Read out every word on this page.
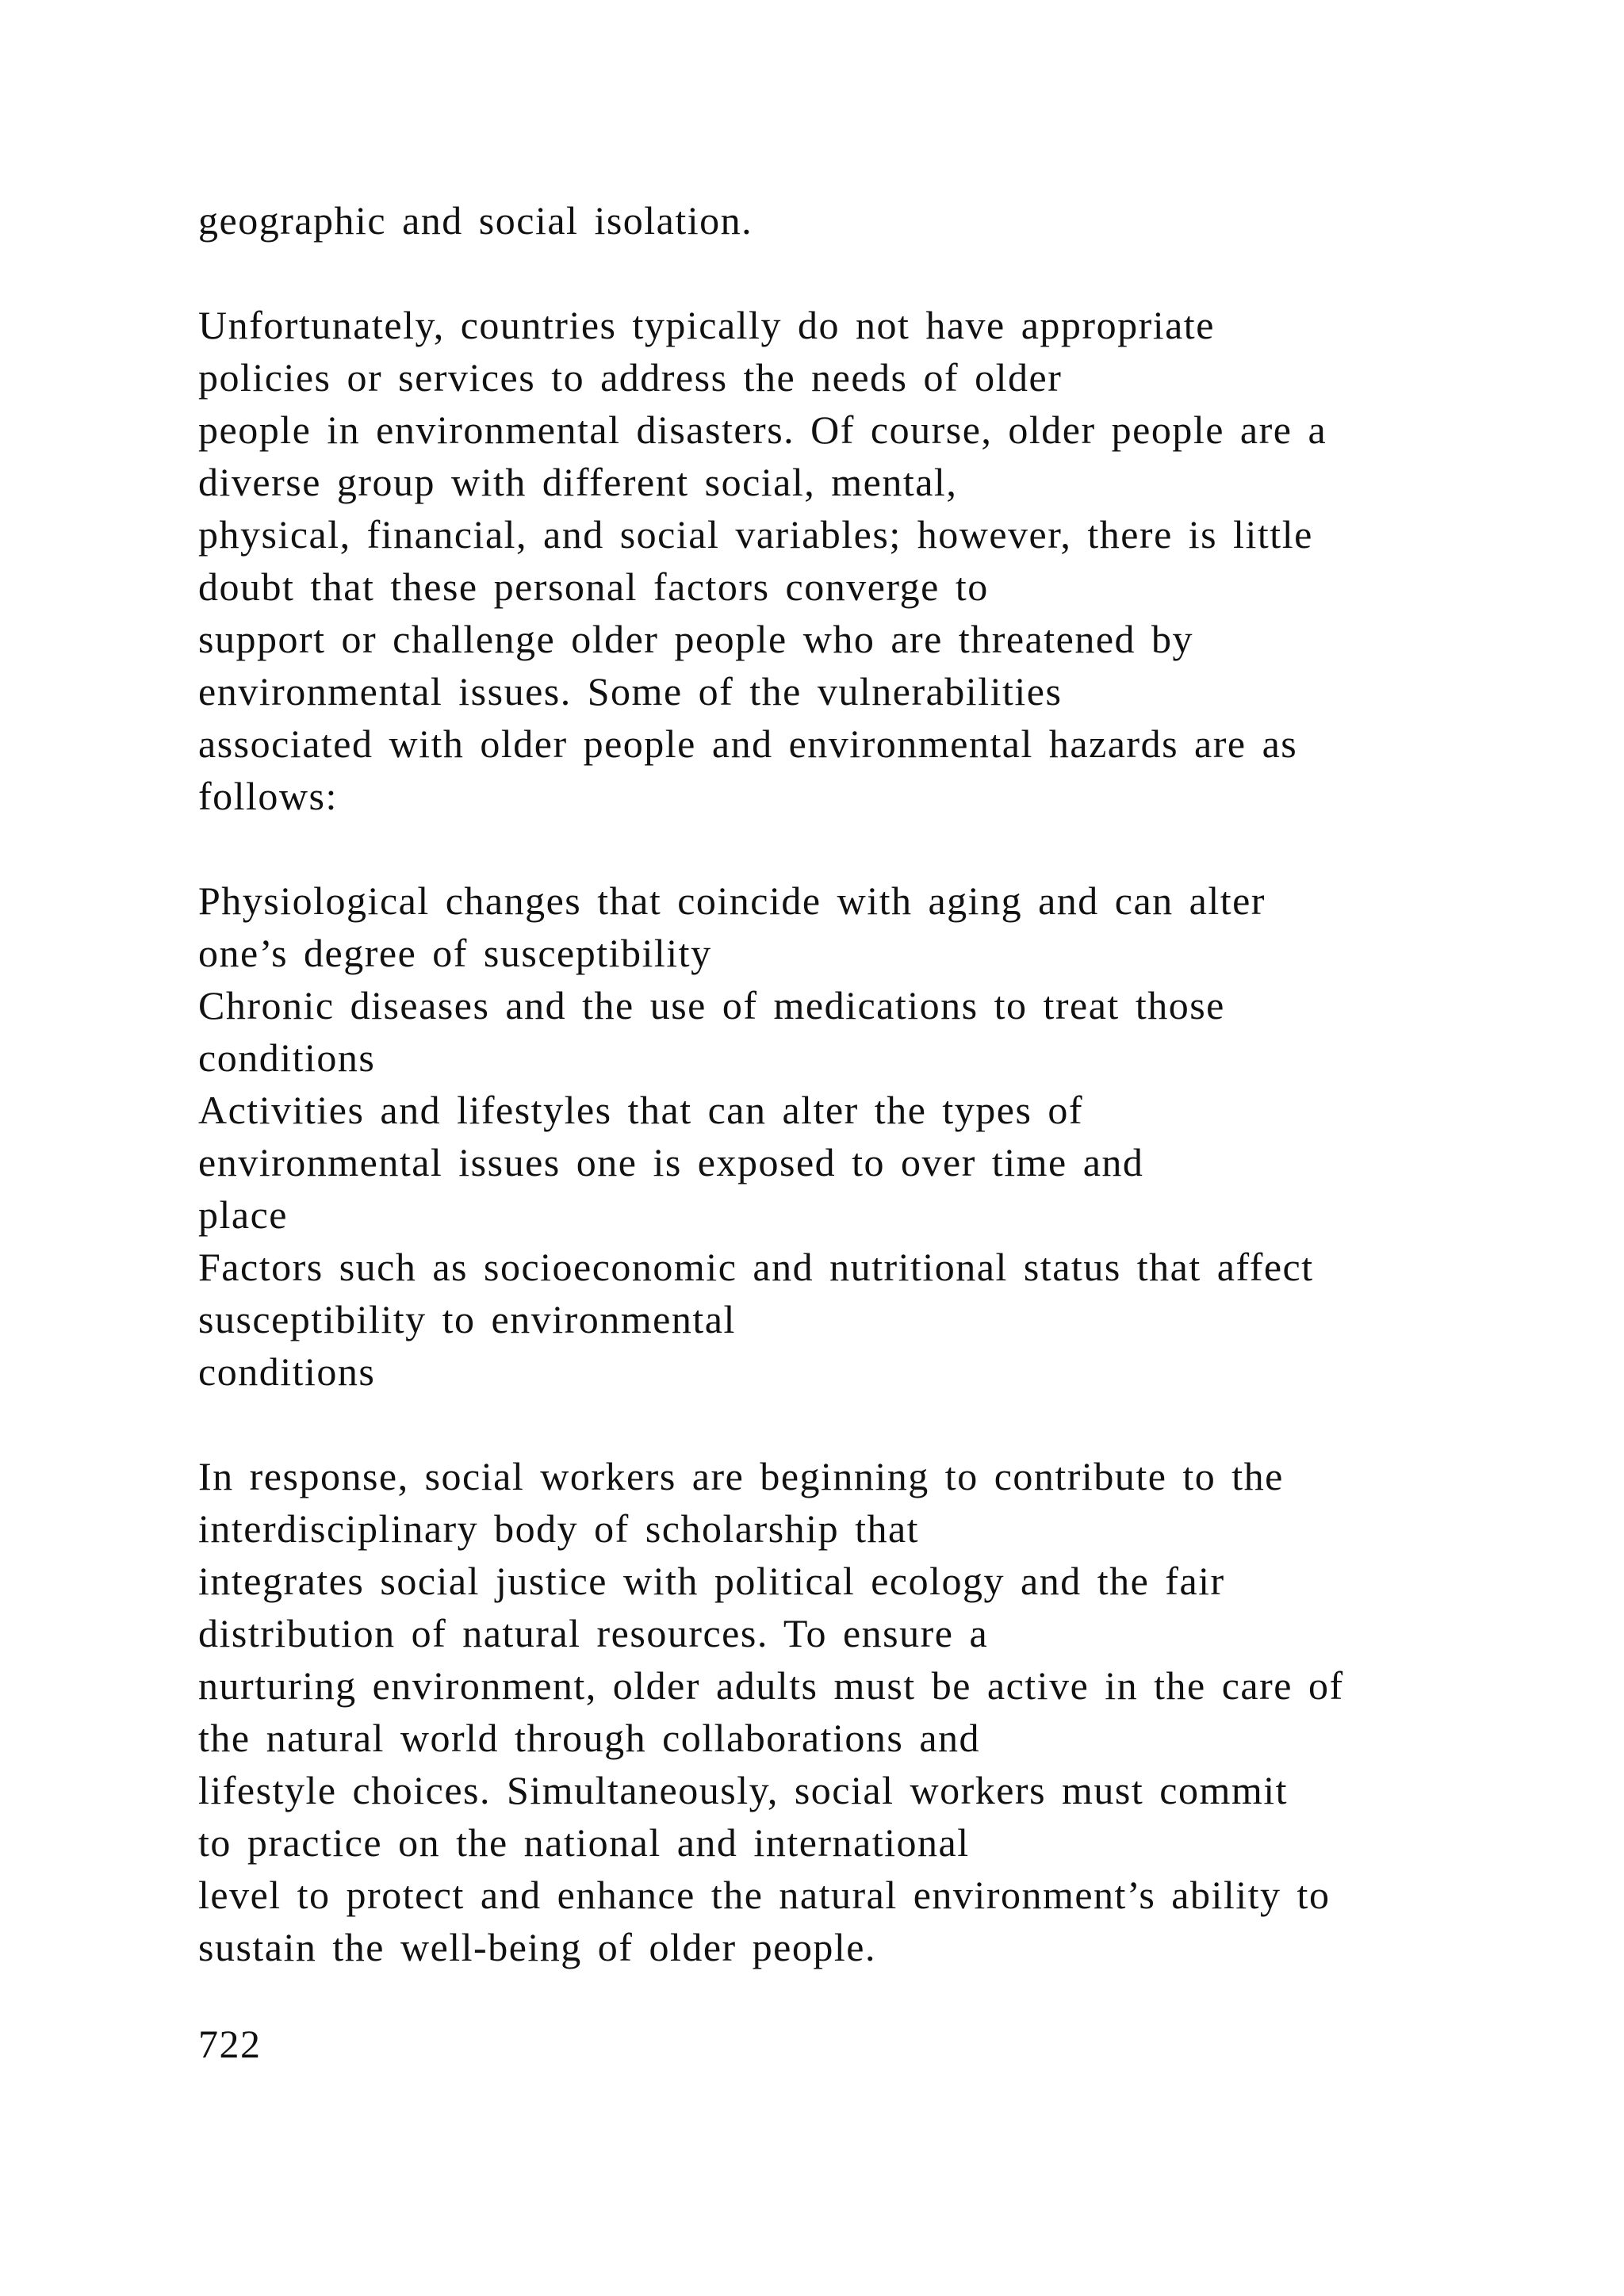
geographic and social isolation.

Unfortunately, countries typically do not have appropriate
policies or services to address the needs of older
people in environmental disasters. Of course, older people are a
diverse group with different social, mental,
physical, financial, and social variables; however, there is little
doubt that these personal factors converge to
support or challenge older people who are threatened by
environmental issues. Some of the vulnerabilities
associated with older people and environmental hazards are as
follows:

Physiological changes that coincide with aging and can alter
one’s degree of susceptibility
Chronic diseases and the use of medications to treat those
conditions
Activities and lifestyles that can alter the types of
environmental issues one is exposed to over time and
place
Factors such as socioeconomic and nutritional status that affect
susceptibility to environmental
conditions

In response, social workers are beginning to contribute to the
interdisciplinary body of scholarship that
integrates social justice with political ecology and the fair
distribution of natural resources. To ensure a
nurturing environment, older adults must be active in the care of
the natural world through collaborations and
lifestyle choices. Simultaneously, social workers must commit
to practice on the national and international
level to protect and enhance the natural environment’s ability to
sustain the well-being of older people.

722
